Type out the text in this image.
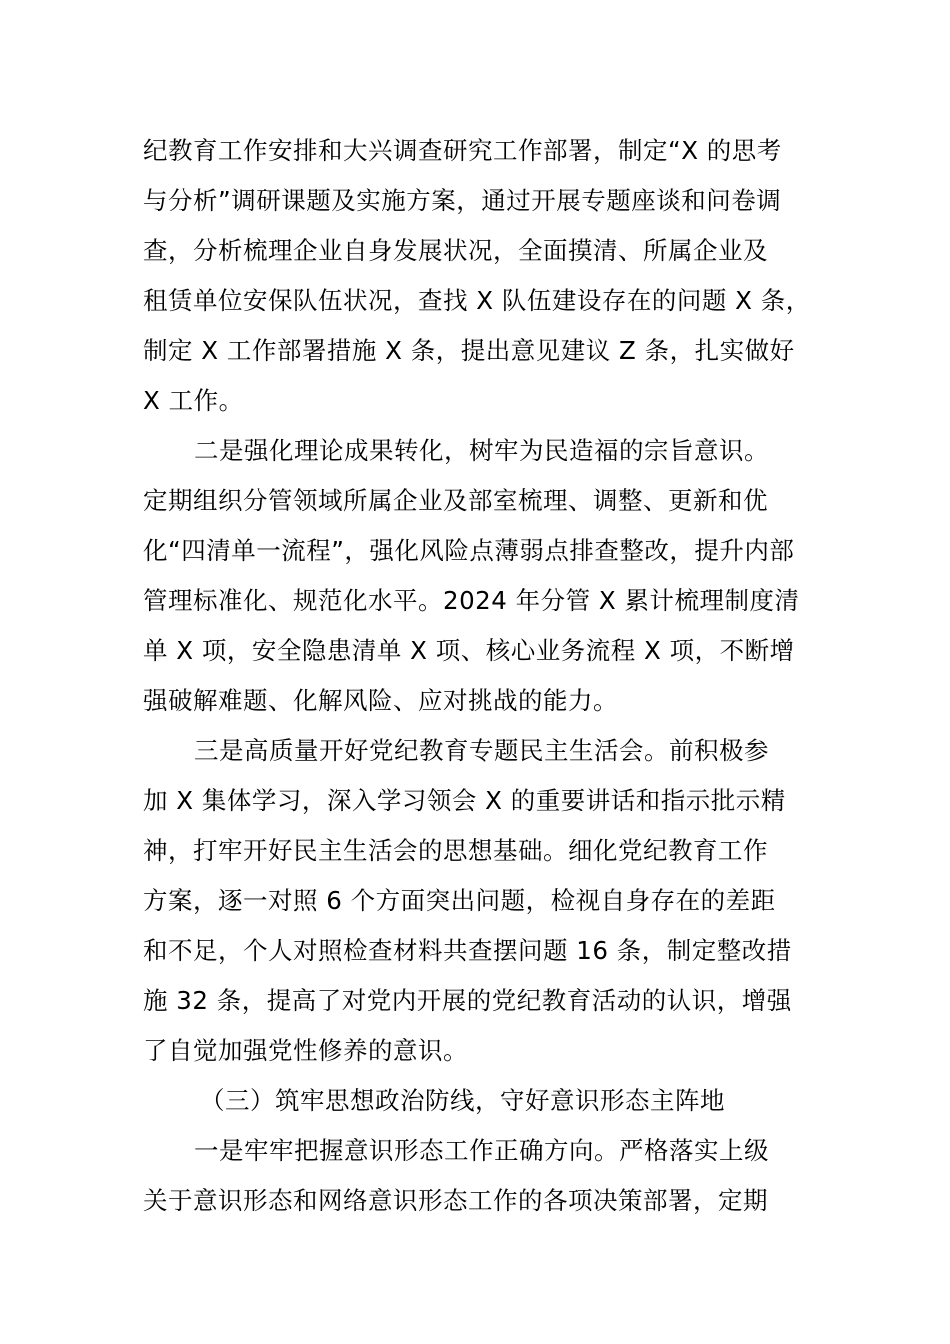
纪教育工作安排和大兴调查研究工作部署，制定“X 的思考
与分析”调研课题及实施方案，通过开展专题座谈和问卷调
查，分析梳理企业自身发展状况，全面摸清、所属企业及
租赁单位安保队伍状况，查找 X 队伍建设存在的问题 X 条，
制定 X 工作部署措施 X 条，提出意见建议 Z 条，扎实做好
X 工作。
二是强化理论成果转化，树牢为民造福的宗旨意识。
定期组织分管领域所属企业及部室梳理、调整、更新和优
化“四清单一流程”，强化风险点薄弱点排查整改，提升内部
管理标准化、规范化水平。2024 年分管 X 累计梳理制度清
单 X 项，安全隐患清单 X 项、核心业务流程 X 项，不断增
强破解难题、化解风险、应对挑战的能力。
三是高质量开好党纪教育专题民主生活会。前积极参
加 X 集体学习，深入学习领会 X 的重要讲话和指示批示精
神，打牢开好民主生活会的思想基础。细化党纪教育工作
方案，逐一对照 6 个方面突出问题，检视自身存在的差距
和不足，个人对照检查材料共查摆问题 16 条，制定整改措
施 32 条，提高了对党内开展的党纪教育活动的认识，增强
了自觉加强党性修养的意识。
（三）筑牢思想政治防线，守好意识形态主阵地
一是牢牢把握意识形态工作正确方向。严格落实上级
关于意识形态和网络意识形态工作的各项决策部署，定期
